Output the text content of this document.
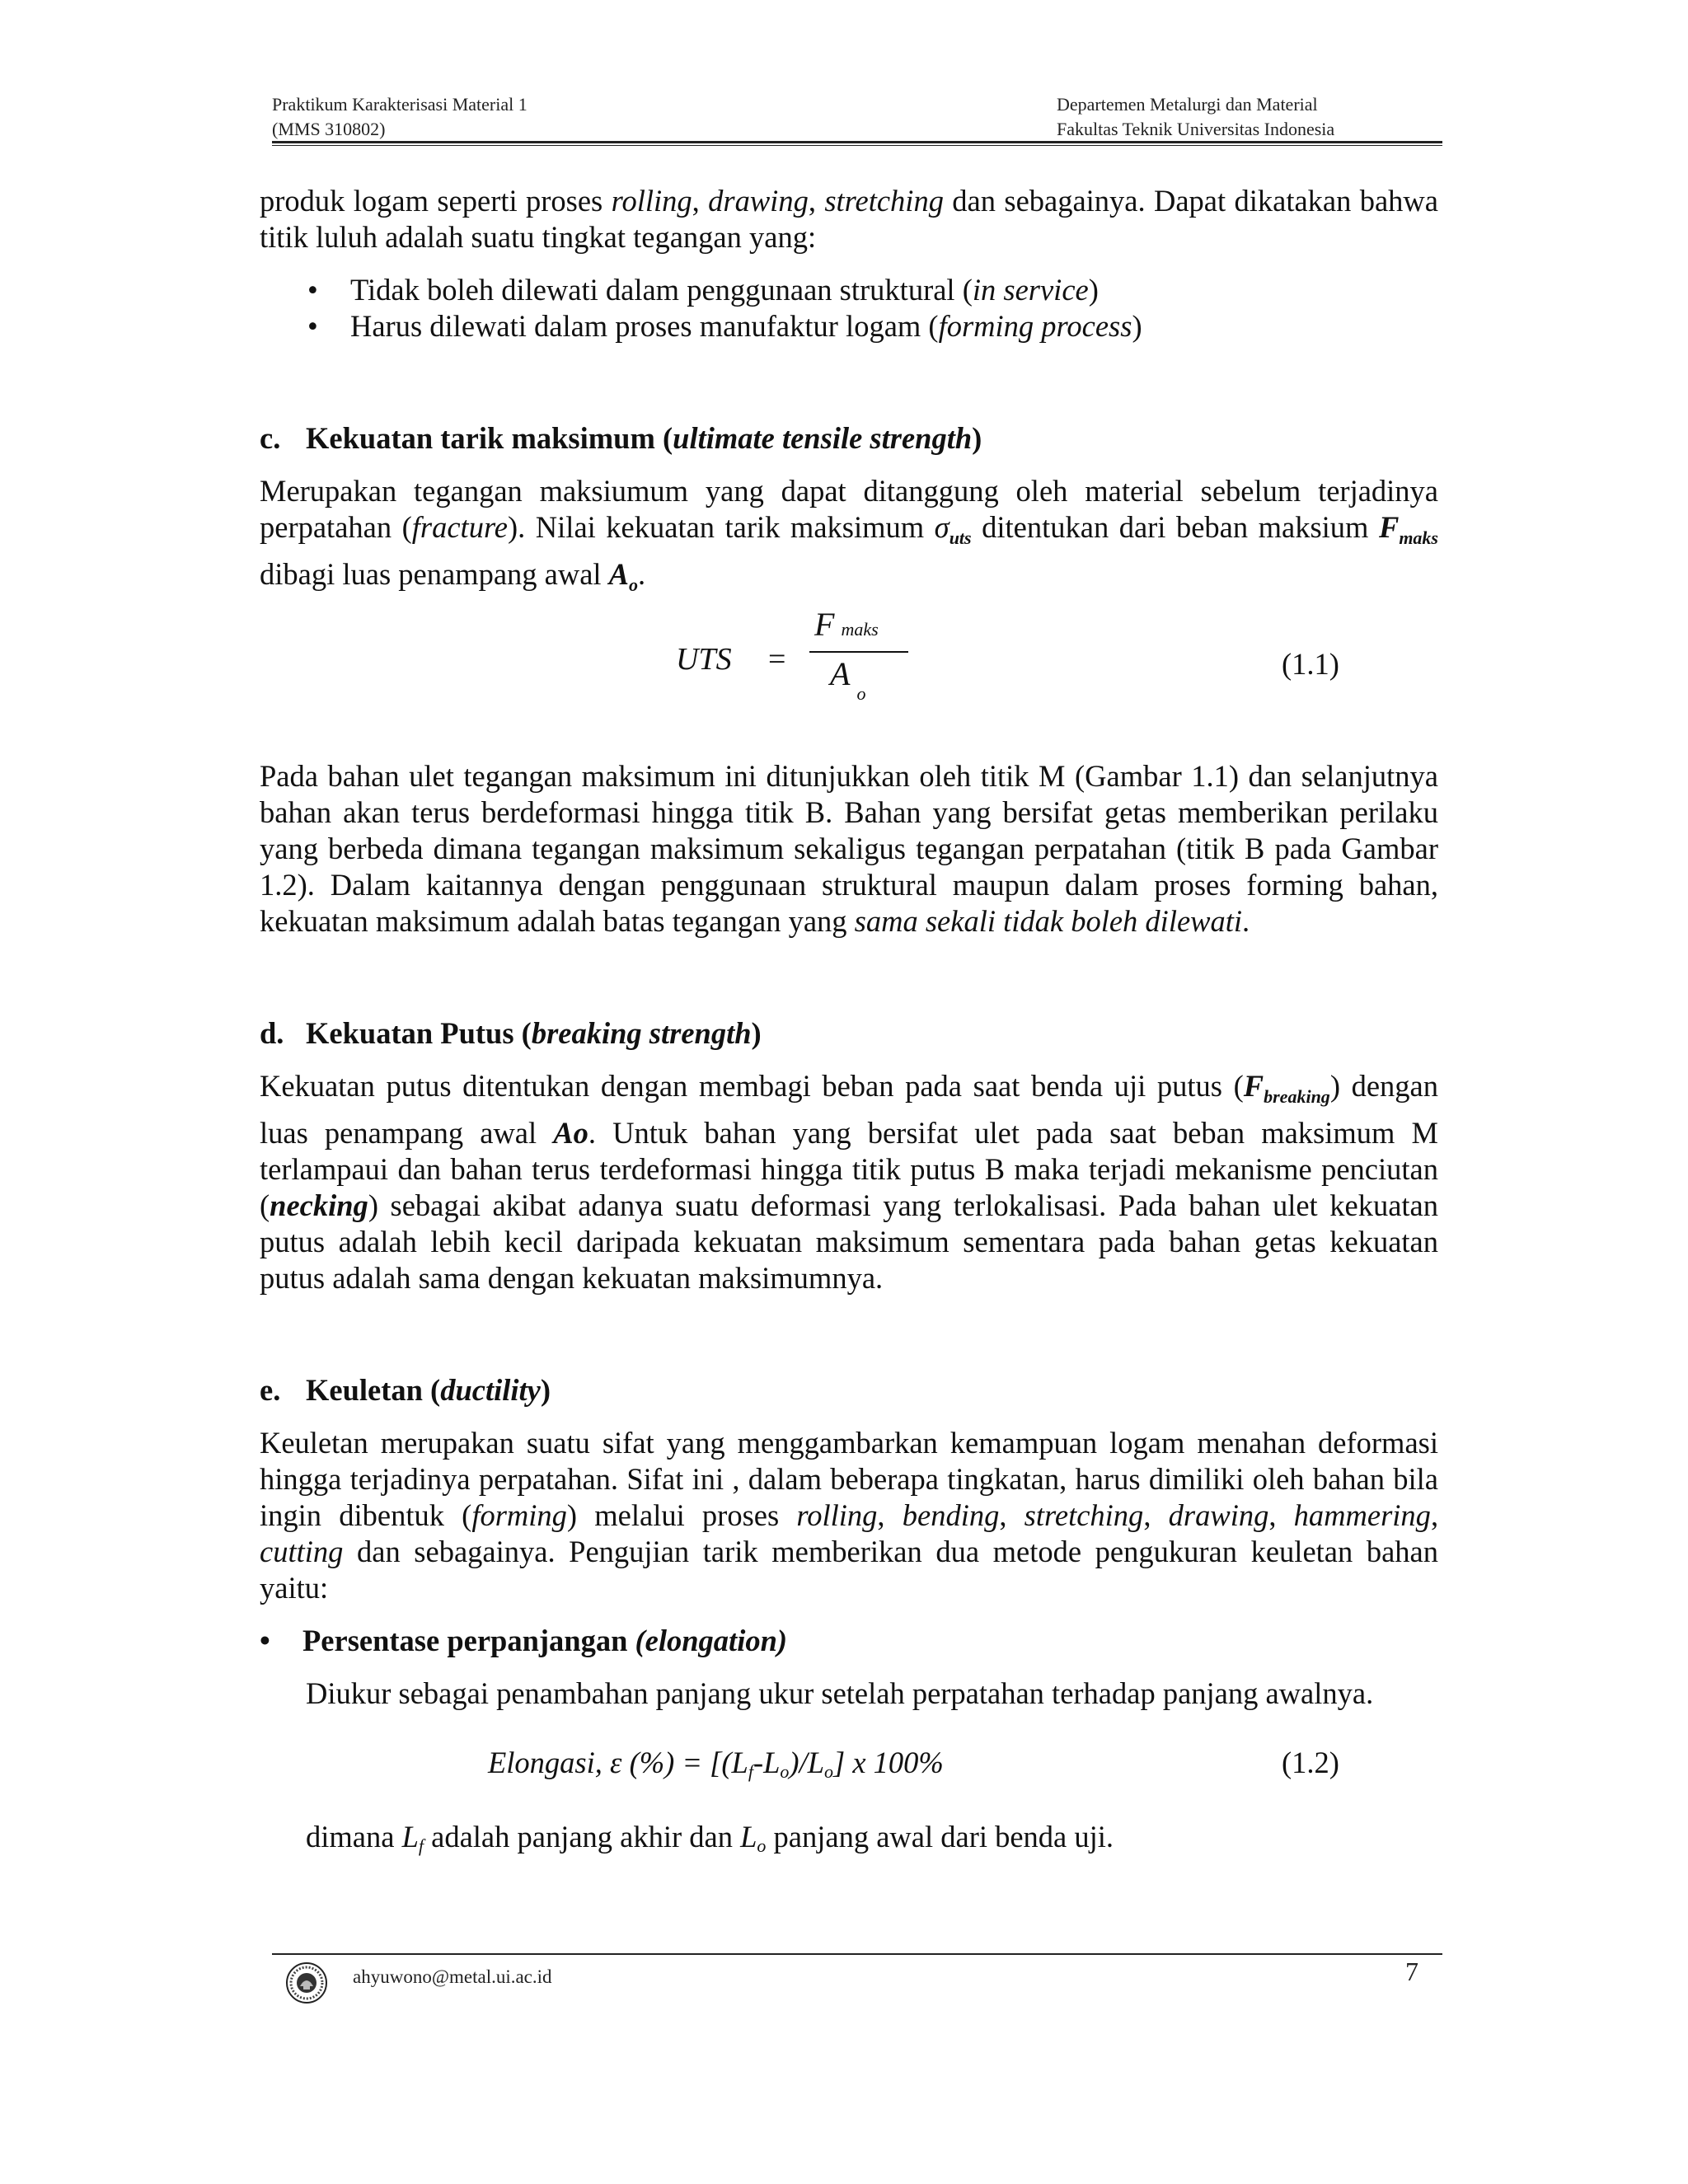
Praktikum Karakterisasi Material 1
(MMS 310802)
Departemen Metalurgi dan Material
Fakultas Teknik Universitas Indonesia

produk logam seperti proses rolling, drawing, stretching dan sebagainya. Dapat dikatakan bahwa titik luluh adalah suatu tingkat tegangan yang:

• Tidak boleh dilewati dalam penggunaan struktural (in service)
• Harus dilewati dalam proses manufaktur logam (forming process)
c. Kekuatan tarik maksimum (ultimate tensile strength)

Merupakan tegangan maksiumum yang dapat ditanggung oleh material sebelum terjadinya perpatahan (fracture). Nilai kekuatan tarik maksimum $\sigma_{uts}$ ditentukan dari beban maksium $F_{maks}$ dibagi luas penampang awal $A_o$.

UTS =
Fmaks
$A_o$
(1.1)

Pada bahan ulet tegangan maksimum ini ditunjukkan oleh titik M (Gambar 1.1) dan selanjutnya bahan akan terus berdeformasi hingga titik B. Bahan yang bersifat getas memberikan perilaku yang berbeda dimana tegangan maksimum sekaligus tegangan perpatahan (titik B pada Gambar 1.2). Dalam kaitannya dengan penggunaan struktural maupun dalam proses forming bahan, kekuatan maksimum adalah batas tegangan yang sama sekali tidak boleh dilewati.

d. Kekuatan Putus (breaking strength)

Kekuatan putus ditentukan dengan membagi beban pada saat benda uji putus $(F_{breaking})$ dengan luas penampang awal Ao. Untuk bahan yang bersifat ulet pada saat beban maksimum M terlampaui dan bahan terus terdeformasi hingga titik putus B maka terjadi mekanisme penciutan (necking) sebagai akibat adanya suatu deformasi yang terlokalisasi. Pada bahan ulet kekuatan putus adalah lebih kecil daripada kekuatan maksimum sementara pada bahan getas kekuatan putus adalah sama dengan kekuatan maksimumnya.

e. Keuletan (ductility)

Keuletan merupakan suatu sifat yang menggambarkan kemampuan logam menahan deformasi hingga terjadinya perpatahan. Sifat ini , dalam beberapa tingkatan, harus dimiliki oleh bahan bila ingin dibentuk (forming) melalui proses rolling, bending, stretching, drawing, hammering, cutting dan sebagainya. Pengujian tarik memberikan dua metode pengukuran keuletan bahan yaitu:

• Persentase perpanjangan (elongation)

Diukur sebagai penambahan panjang ukur setelah perpatahan terhadap panjang awalnya.

Elongasi, ε (%) = [(Lf-Lo)/Lo] x 100%	(1.2)

dimana Lf adalah panjang akhir dan Lo panjang awal dari benda uji.

ahyuwono@metal.ui.ac.id	7
